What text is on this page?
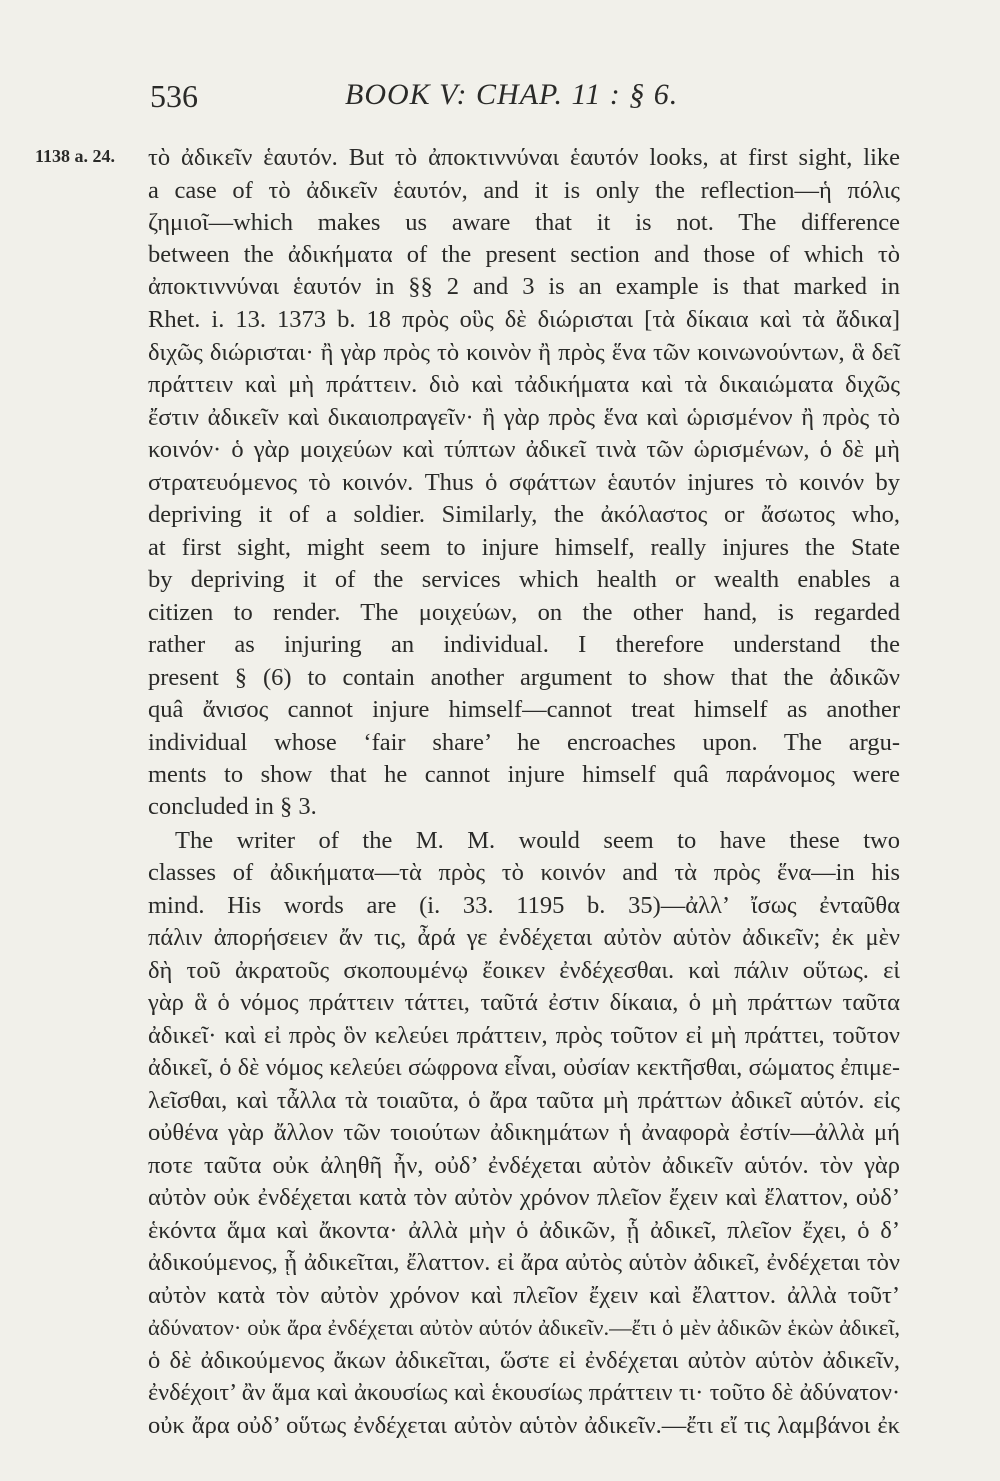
536	BOOK V: CHAP. 11 : § 6.
1138 a. 24. τὸ ἀδικεῖν ἑαυτόν. But τὸ ἀποκτιννύναι ἑαυτόν looks, at first sight, like
a case of τὸ ἀδικεῖν ἑαυτόν, and it is only the reflection—ἡ πόλις
ζημιοῖ—which makes us aware that it is not. The difference
between the ἀδικήματα of the present section and those of which τὸ
ἀποκτιννύναι ἑαυτόν in §§ 2 and 3 is an example is that marked in
Rhet. i. 13. 1373 b. 18 πρὸς οὓς δὲ διώρισται [τὰ δίκαια καὶ τὰ ἄδικα]
διχῶς διώρισται· ἢ γὰρ πρὸς τὸ κοινὸν ἢ πρὸς ἕνα τῶν κοινωνούντων, ἃ δεῖ
πράττειν καὶ μὴ πράττειν. διὸ καὶ τἀδικήματα καὶ τὰ δικαιώματα διχῶς
ἔστιν ἀδικεῖν καὶ δικαιοπραγεῖν· ἢ γὰρ πρὸς ἕνα καὶ ὡρισμένον ἢ πρὸς τὸ
κοινόν· ὁ γὰρ μοιχεύων καὶ τύπτων ἀδικεῖ τινὰ τῶν ὡρισμένων, ὁ δὲ μὴ
στρατευόμενος τὸ κοινόν. Thus ὁ σφάττων ἑαυτόν injures τὸ κοινόν by
depriving it of a soldier. Similarly, the ἀκόλαστος or ἄσωτος who,
at first sight, might seem to injure himself, really injures the State
by depriving it of the services which health or wealth enables a
citizen to render. The μοιχεύων, on the other hand, is regarded
rather as injuring an individual. I therefore understand the
present § (6) to contain another argument to show that the ἀδικῶν
quâ ἄνισος cannot injure himself—cannot treat himself as another
individual whose ‘fair share’ he encroaches upon. The argu-
ments to show that he cannot injure himself quâ παράνομος were
concluded in § 3.
The writer of the M. M. would seem to have these two
classes of ἀδικήματα—τὰ πρὸς τὸ κοινόν and τὰ πρὸς ἕνα—in his
mind. His words are (i. 33. 1195 b. 35)—ἀλλ’ ἴσως ἐνταῦθα
πάλιν ἀπορήσειεν ἄν τις, ἆρά γε ἐνδέχεται αὐτὸν αὑτὸν ἀδικεῖν; ἐκ μὲν
δὴ τοῦ ἀκρατοῦς σκοπουμένῳ ἔοικεν ἐνδέχεσθαι. καὶ πάλιν οὕτως. εἰ
γὰρ ἃ ὁ νόμος πράττειν τάττει, ταῦτά ἐστιν δίκαια, ὁ μὴ πράττων ταῦτα
ἀδικεῖ· καὶ εἰ πρὸς ὃν κελεύει πράττειν, πρὸς τοῦτον εἰ μὴ πράττει, τοῦτον
ἀδικεῖ, ὁ δὲ νόμος κελεύει σώφρονα εἶναι, οὐσίαν κεκτῆσθαι, σώματος ἐπιμε-
λεῖσθαι, καὶ τἆλλα τὰ τοιαῦτα, ὁ ἄρα ταῦτα μὴ πράττων ἀδικεῖ αὑτόν. εἰς
οὐθένα γὰρ ἄλλον τῶν τοιούτων ἀδικημάτων ἡ ἀναφορὰ ἐστίν—ἀλλὰ μή
ποτε ταῦτα οὐκ ἀληθῆ ἦν, οὐδ’ ἐνδέχεται αὐτὸν ἀδικεῖν αὑτόν. τὸν γὰρ
αὐτὸν οὐκ ἐνδέχεται κατὰ τὸν αὐτὸν χρόνον πλεῖον ἔχειν καὶ ἔλαττον, οὐδ’
ἑκόντα ἅμα καὶ ἄκοντα· ἀλλὰ μὴν ὁ ἀδικῶν, ᾗ ἀδικεῖ, πλεῖον ἔχει, ὁ δ’
ἀδικούμενος, ᾗ ἀδικεῖται, ἔλαττον. εἰ ἄρα αὐτὸς αὑτὸν ἀδικεῖ, ἐνδέχεται τὸν
αὐτὸν κατὰ τὸν αὐτὸν χρόνον καὶ πλεῖον ἔχειν καὶ ἔλαττον. ἀλλὰ τοῦτ’
ἀδύνατον· οὐκ ἄρα ἐνδέχεται αὐτὸν αὑτόν ἀδικεῖν.—ἔτι ὁ μὲν ἀδικῶν ἑκὼν ἀδικεῖ,
ὁ δὲ ἀδικούμενος ἄκων ἀδικεῖται, ὥστε εἰ ἐνδέχεται αὐτὸν αὑτὸν ἀδικεῖν,
ἐνδέχοιτ’ ἂν ἅμα καὶ ἀκουσίως καὶ ἑκουσίως πράττειν τι· τοῦτο δὲ ἀδύνατον·
οὐκ ἄρα οὐδ’ οὕτως ἐνδέχεται αὐτὸν αὑτὸν ἀδικεῖν.—ἔτι εἴ τις λαμβάνοι ἐκ
